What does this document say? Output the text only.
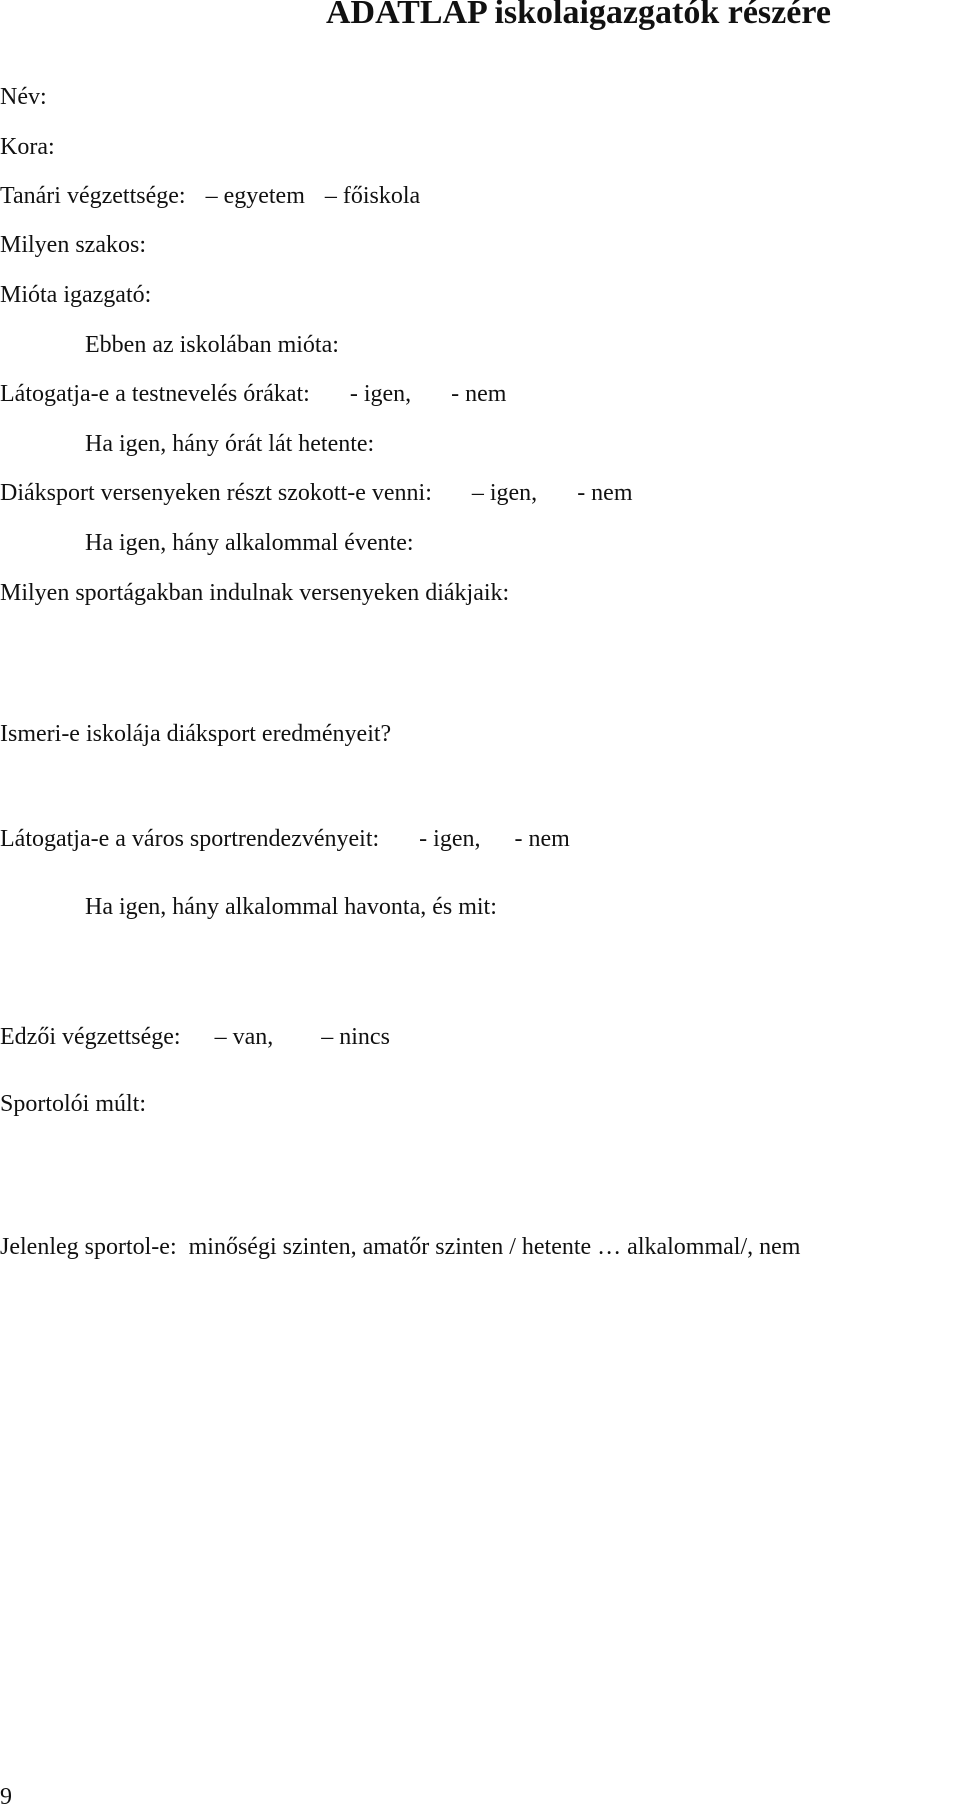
ADATLAP iskolaigazgatók részére
Név:
Kora:
Tanári végzettsége: – egyetem – főiskola
Milyen szakos:
Mióta igazgató:
Ebben az iskolában mióta:
Látogatja-e a testnevelés órákat: - igen, - nem
Ha igen, hány órát lát hetente:
Diáksport versenyeken részt szokott-e venni: – igen, - nem
Ha igen, hány alkalommal évente:
Milyen sportágakban indulnak versenyeken diákjaik:
Ismeri-e iskolája diáksport eredményeit?
Látogatja-e a város sportrendezvényeit: - igen, - nem
Ha igen, hány alkalommal havonta, és mit:
Edzői végzettsége: – van, – nincs
Sportolói múlt:
Jelenleg sportol-e:  minőségi szinten, amatőr szinten / hetente … alkalommal/, nem
9
